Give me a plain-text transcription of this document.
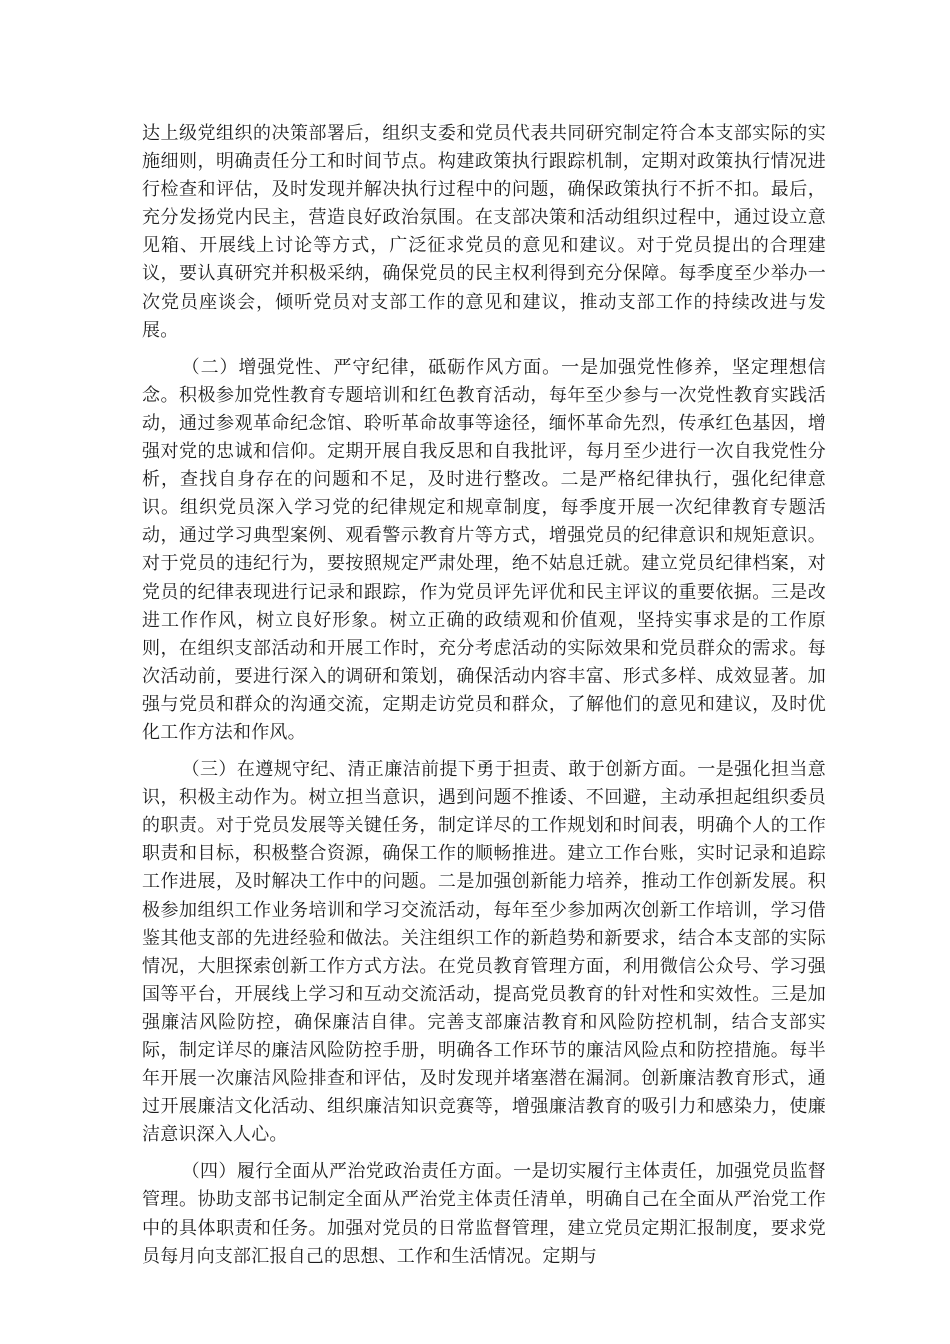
达上级党组织的决策部署后，组织支委和党员代表共同研究制定符合本支部实际的实施细则，明确责任分工和时间节点。构建政策执行跟踪机制，定期对政策执行情况进行检查和评估，及时发现并解决执行过程中的问题，确保政策执行不折不扣。最后，充分发扬党内民主，营造良好政治氛围。在支部决策和活动组织过程中，通过设立意见箱、开展线上讨论等方式，广泛征求党员的意见和建议。对于党员提出的合理建议，要认真研究并积极采纳，确保党员的民主权利得到充分保障。每季度至少举办一次党员座谈会，倾听党员对支部工作的意见和建议，推动支部工作的持续改进与发展。

（二）增强党性、严守纪律，砥砺作风方面。一是加强党性修养，坚定理想信念。积极参加党性教育专题培训和红色教育活动，每年至少参与一次党性教育实践活动，通过参观革命纪念馆、聆听革命故事等途径，缅怀革命先烈，传承红色基因，增强对党的忠诚和信仰。定期开展自我反思和自我批评，每月至少进行一次自我党性分析，查找自身存在的问题和不足，及时进行整改。二是严格纪律执行，强化纪律意识。组织党员深入学习党的纪律规定和规章制度，每季度开展一次纪律教育专题活动，通过学习典型案例、观看警示教育片等方式，增强党员的纪律意识和规矩意识。对于党员的违纪行为，要按照规定严肃处理，绝不姑息迁就。建立党员纪律档案，对党员的纪律表现进行记录和跟踪，作为党员评先评优和民主评议的重要依据。三是改进工作作风，树立良好形象。树立正确的政绩观和价值观，坚持实事求是的工作原则，在组织支部活动和开展工作时，充分考虑活动的实际效果和党员群众的需求。每次活动前，要进行深入的调研和策划，确保活动内容丰富、形式多样、成效显著。加强与党员和群众的沟通交流，定期走访党员和群众，了解他们的意见和建议，及时优化工作方法和作风。

（三）在遵规守纪、清正廉洁前提下勇于担责、敢于创新方面。一是强化担当意识，积极主动作为。树立担当意识，遇到问题不推诿、不回避，主动承担起组织委员的职责。对于党员发展等关键任务，制定详尽的工作规划和时间表，明确个人的工作职责和目标，积极整合资源，确保工作的顺畅推进。建立工作台账，实时记录和追踪工作进展，及时解决工作中的问题。二是加强创新能力培养，推动工作创新发展。积极参加组织工作业务培训和学习交流活动，每年至少参加两次创新工作培训，学习借鉴其他支部的先进经验和做法。关注组织工作的新趋势和新要求，结合本支部的实际情况，大胆探索创新工作方式方法。在党员教育管理方面，利用微信公众号、学习强国等平台，开展线上学习和互动交流活动，提高党员教育的针对性和实效性。三是加强廉洁风险防控，确保廉洁自律。完善支部廉洁教育和风险防控机制，结合支部实际，制定详尽的廉洁风险防控手册，明确各工作环节的廉洁风险点和防控措施。每半年开展一次廉洁风险排查和评估，及时发现并堵塞潜在漏洞。创新廉洁教育形式，通过开展廉洁文化活动、组织廉洁知识竞赛等，增强廉洁教育的吸引力和感染力，使廉洁意识深入人心。

（四）履行全面从严治党政治责任方面。一是切实履行主体责任，加强党员监督管理。协助支部书记制定全面从严治党主体责任清单，明确自己在全面从严治党工作中的具体职责和任务。加强对党员的日常监督管理，建立党员定期汇报制度，要求党员每月向支部汇报自己的思想、工作和生活情况。定期与
